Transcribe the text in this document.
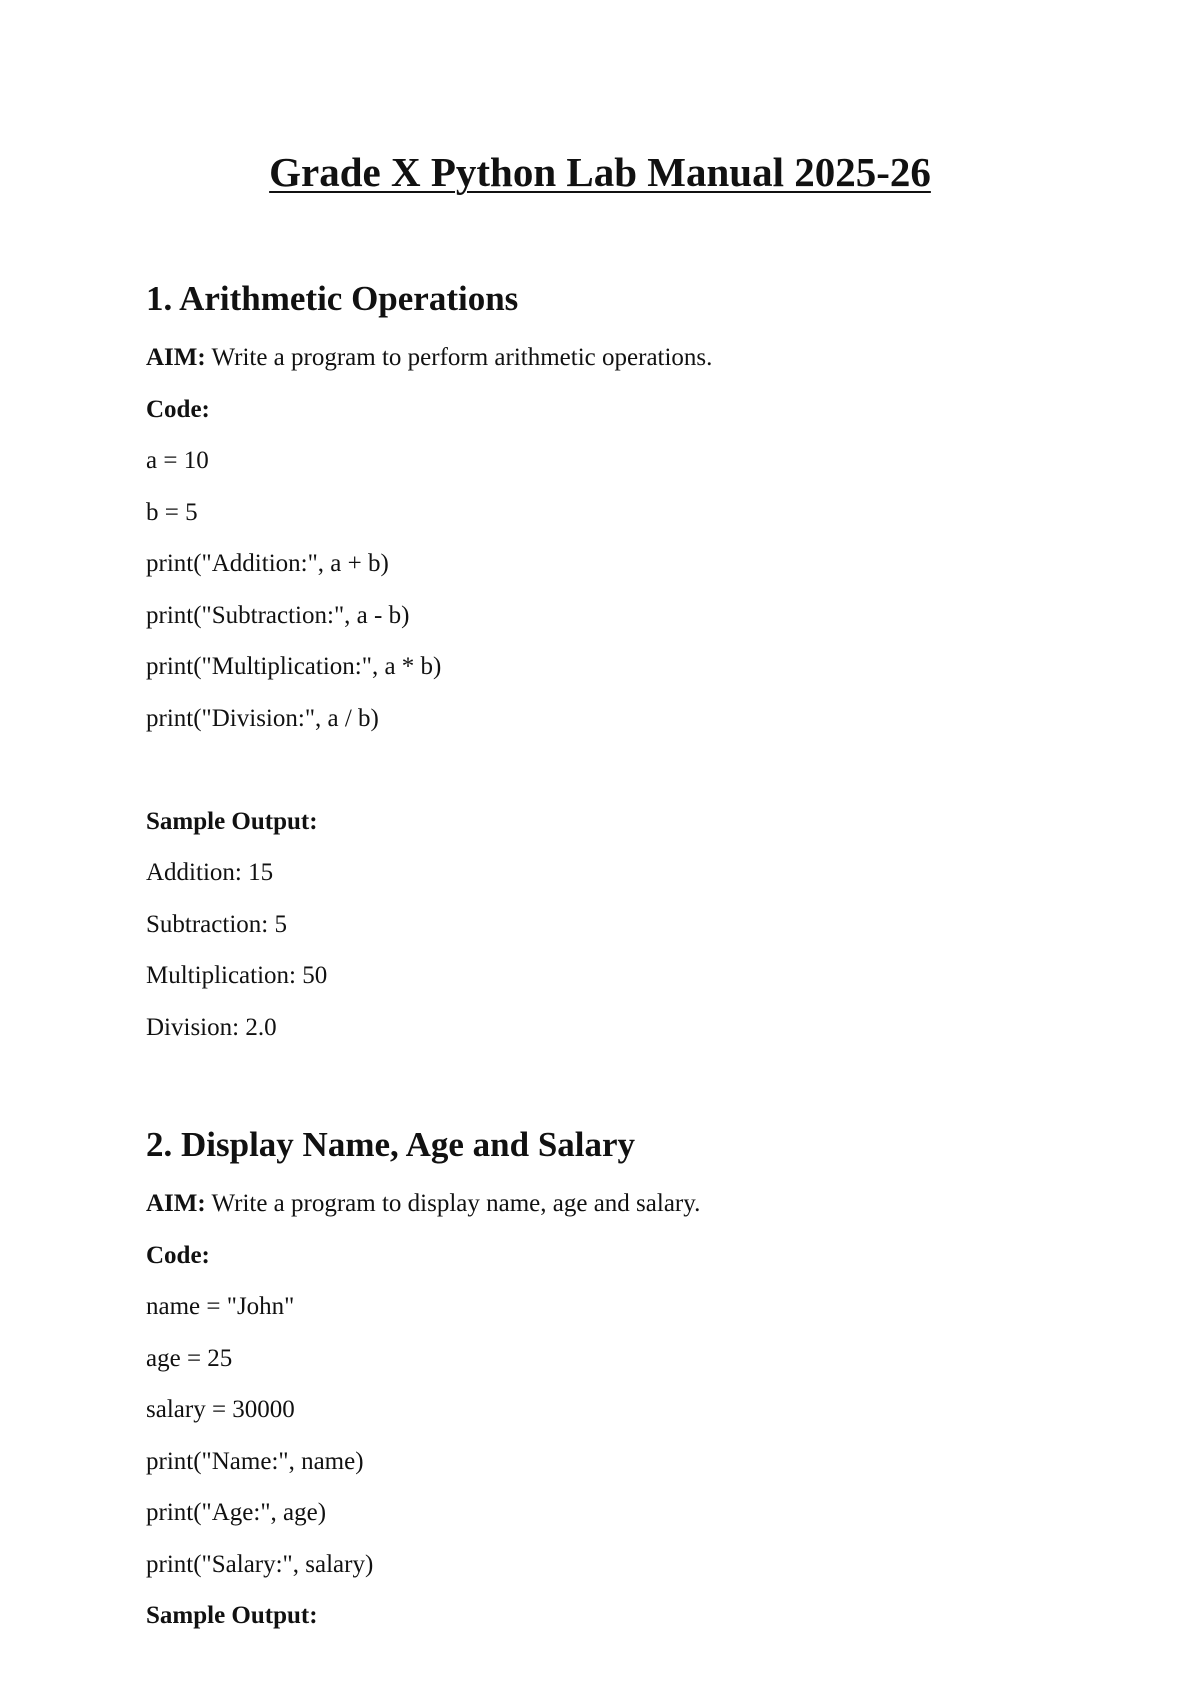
Grade X Python Lab Manual 2025-26
1. Arithmetic Operations

AIM: Write a program to perform arithmetic operations.

Code:

a = 10

b = 5

print("Addition:", a + b)

print("Subtraction:", a - b)

print("Multiplication:", a * b)

print("Division:", a / b)

Sample Output:

Addition: 15

Subtraction: 5

Multiplication: 50

Division: 2.0

2. Display Name, Age and Salary

AIM: Write a program to display name, age and salary.

Code:

name = "John"

age = 25

salary = 30000

print("Name:", name)

print("Age:", age)

print("Salary:", salary)

Sample Output:
